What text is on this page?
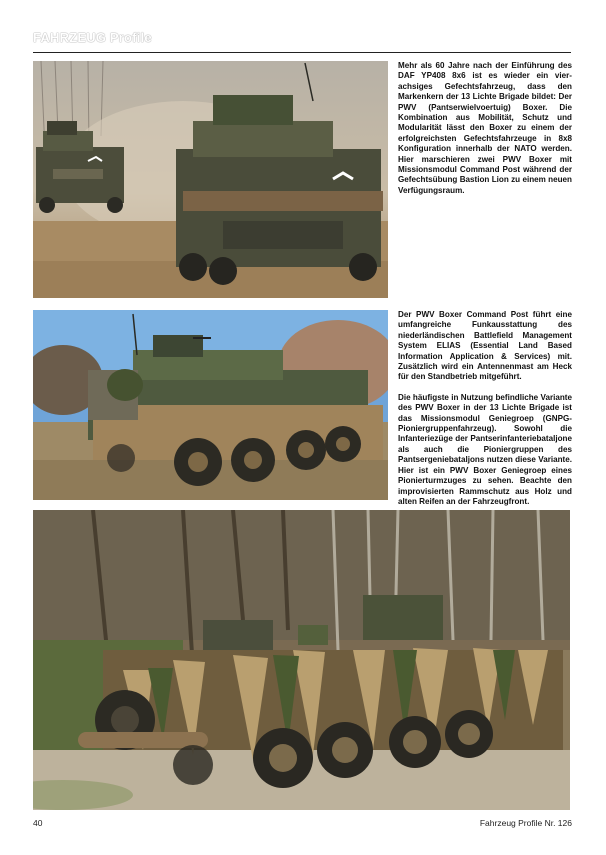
FAHRZEUG Profile

Mehr als 60 Jahre nach der Einführung des DAF YP408 8x6 ist es wieder ein vier-achsiges Gefechtsfahrzeug, dass den Markenkern der 13 Lichte Brigade bildet: Der PWV (Pantserwielvoertuig) Boxer. Die Kombination aus Mobilität, Schutz und Modularität lässt den Boxer zu einem der erfolgreichsten Gefechtsfahrzeuge in 8x8 Konfiguration innerhalb der NATO werden. Hier marschieren zwei PWV Boxer mit Missionsmodul Command Post während der Gefechtsübung Bastion Lion zu einem neuen Verfügungsraum.

Der PWV Boxer Command Post führt eine umfangreiche Funkausstattung des niederländischen Battlefield Management System ELIAS (Essential Land Based Information Application & Services) mit. Zusätzlich wird ein Antennenmast am Heck für den Standbetrieb mitgeführt.

Die häufigste in Nutzung befindliche Variante des PWV Boxer in der 13 Lichte Brigade ist das Missionsmodul Geniegroep (GNPG-Pioniergruppenfahrzeug). Sowohl die Infanteriezüge der Pantserinfanteriebataljone als auch die Pioniergruppen des Pantsergeniebataljons nutzen diese Variante. Hier ist ein PWV Boxer Geniegroep eines Pionierturmzuges zu sehen. Beachte den improvisierten Rammschutz aus Holz und alten Reifen an der Fahrzeugfront.

40	Fahrzeug Profile Nr. 126
